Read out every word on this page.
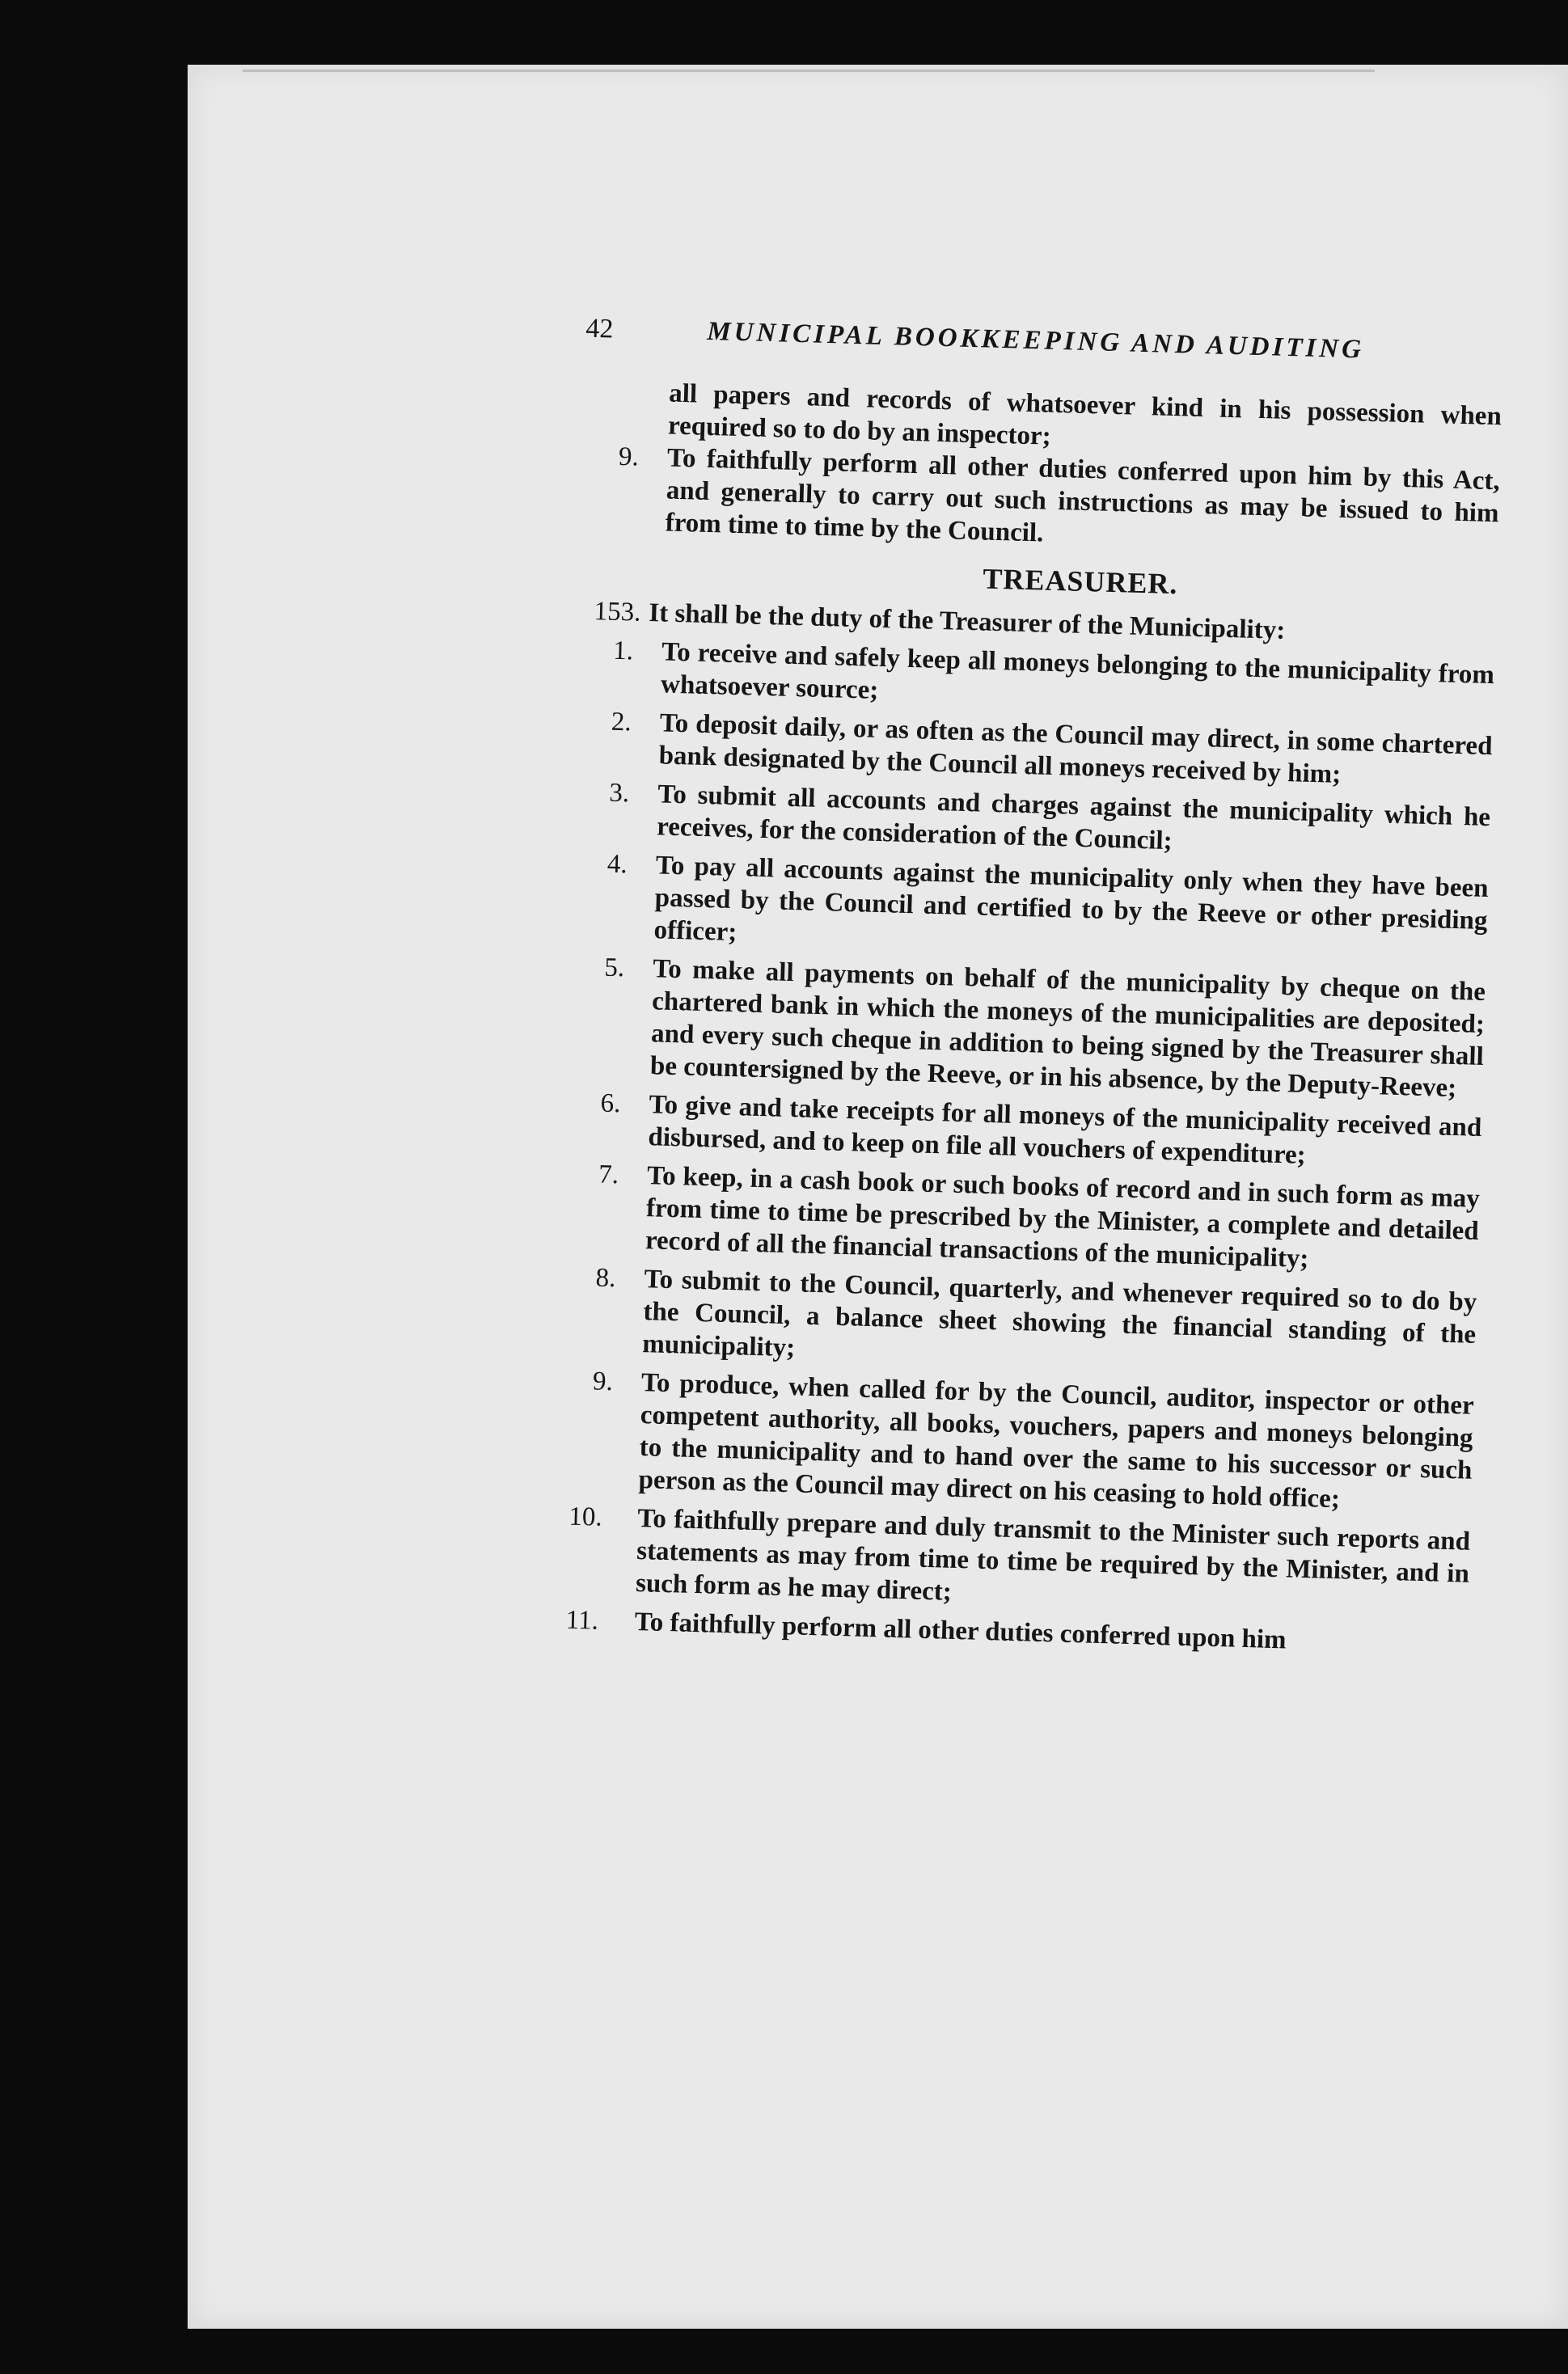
42	MUNICIPAL BOOKKEEPING AND AUDITING
all papers and records of whatsoever kind in his possession when required so to do by an inspector;
9.	To faithfully perform all other duties conferred upon him by this Act, and generally to carry out such instructions as may be issued to him from time to time by the Council.
TREASURER.
153. It shall be the duty of the Treasurer of the Municipality:
1.	To receive and safely keep all moneys belonging to the municipality from whatsoever source;
2.	To deposit daily, or as often as the Council may direct, in some chartered bank designated by the Council all moneys received by him;
3.	To submit all accounts and charges against the municipality which he receives, for the consideration of the Council;
4.	To pay all accounts against the municipality only when they have been passed by the Council and certified to by the Reeve or other presiding officer;
5.	To make all payments on behalf of the municipality by cheque on the chartered bank in which the moneys of the municipalities are deposited; and every such cheque in addition to being signed by the Treasurer shall be countersigned by the Reeve, or in his absence, by the Deputy-Reeve;
6.	To give and take receipts for all moneys of the municipality received and disbursed, and to keep on file all vouchers of expenditure;
7.	To keep, in a cash book or such books of record and in such form as may from time to time be prescribed by the Minister, a complete and detailed record of all the financial transactions of the municipality;
8.	To submit to the Council, quarterly, and whenever required so to do by the Council, a balance sheet showing the financial standing of the municipality;
9.	To produce, when called for by the Council, auditor, inspector or other competent authority, all books, vouchers, papers and moneys belonging to the municipality and to hand over the same to his successor or such person as the Council may direct on his ceasing to hold office;
10.	To faithfully prepare and duly transmit to the Minister such reports and statements as may from time to time be required by the Minister, and in such form as he may direct;
11.	To faithfully perform all other duties conferred upon him
